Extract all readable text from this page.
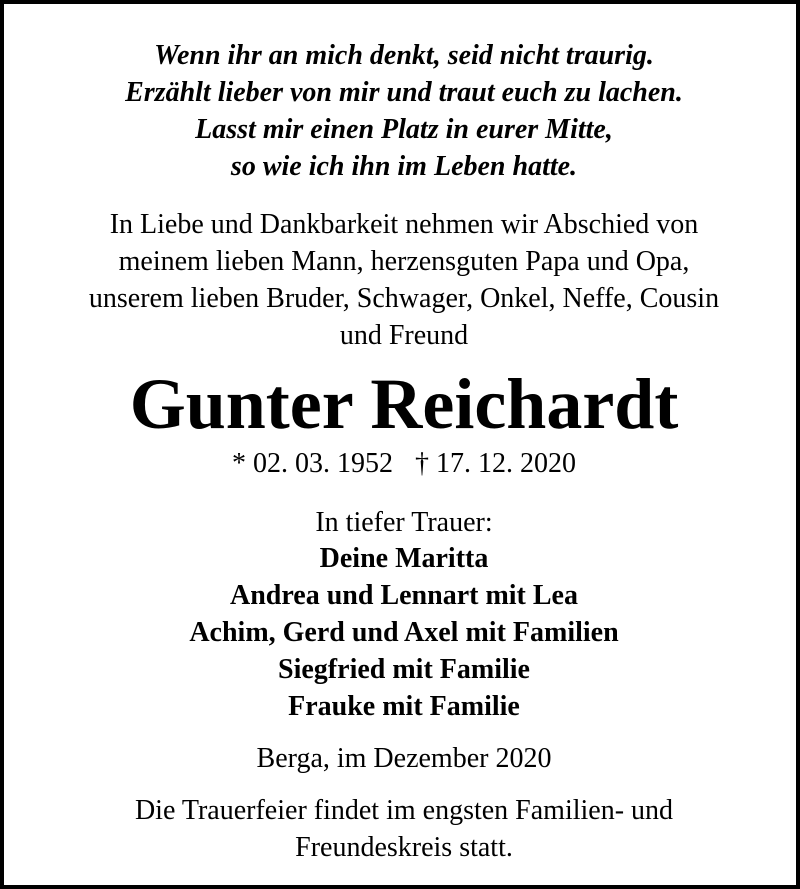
Wenn ihr an mich denkt, seid nicht traurig.
Erzählt lieber von mir und traut euch zu lachen.
Lasst mir einen Platz in eurer Mitte,
so wie ich ihn im Leben hatte.
In Liebe und Dankbarkeit nehmen wir Abschied von
meinem lieben Mann, herzensguten Papa und Opa,
unserem lieben Bruder, Schwager, Onkel, Neffe, Cousin
und Freund
Gunter Reichardt
* 02. 03. 1952 † 17. 12. 2020
In tiefer Trauer:
Deine Maritta
Andrea und Lennart mit Lea
Achim, Gerd und Axel mit Familien
Siegfried mit Familie
Frauke mit Familie
Berga, im Dezember 2020
Die Trauerfeier findet im engsten Familien- und
Freundeskreis statt.
